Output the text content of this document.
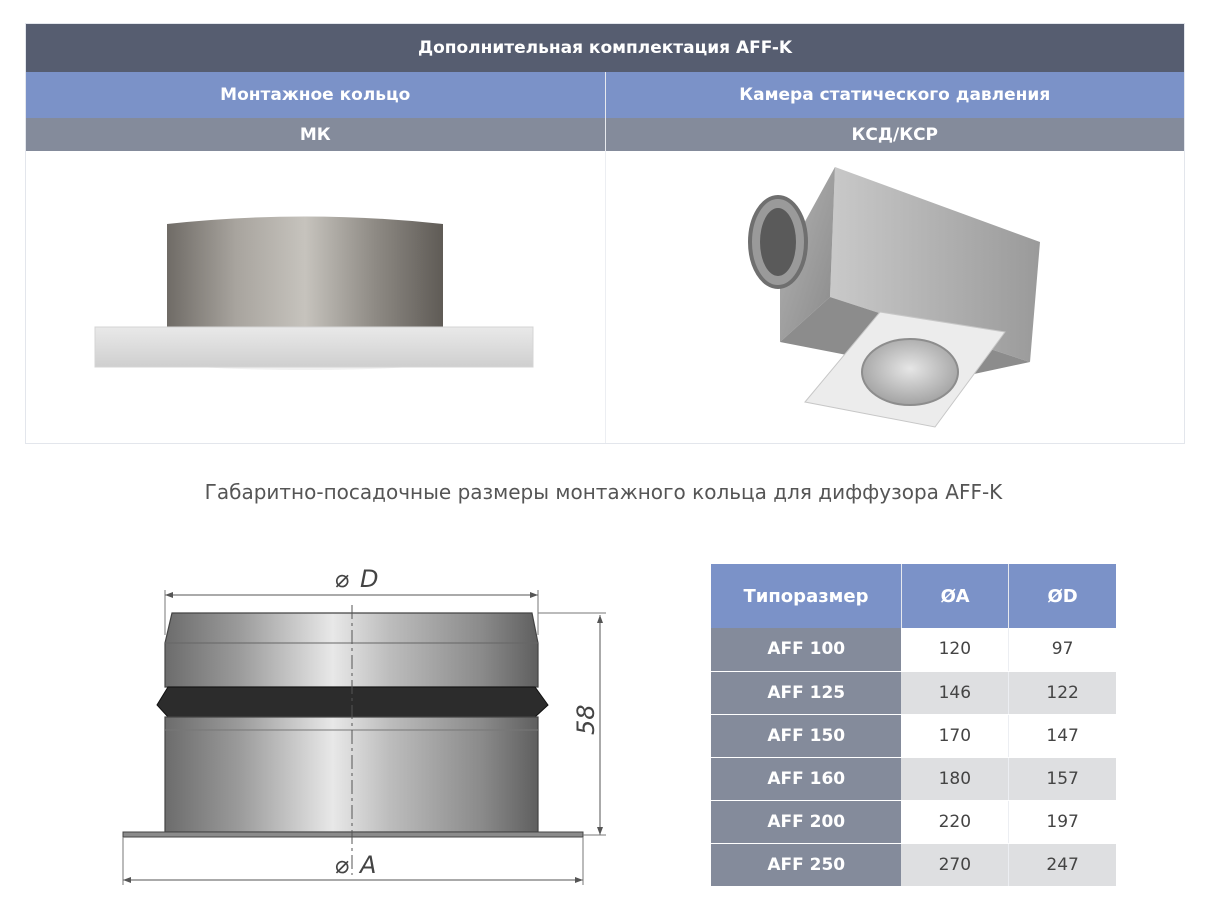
Дополнительная комплектация AFF-K
Монтажное кольцо	Камера статического давления
МК	КСД/КСР
Габаритно-посадочные размеры монтажного кольца для диффузора AFF-K
⌀ D
58
⌀ A
Типоразмер	ØA	ØD
AFF 100	120	97
AFF 125	146	122
AFF 150	170	147
AFF 160	180	157
AFF 200	220	197
AFF 250	270	247
